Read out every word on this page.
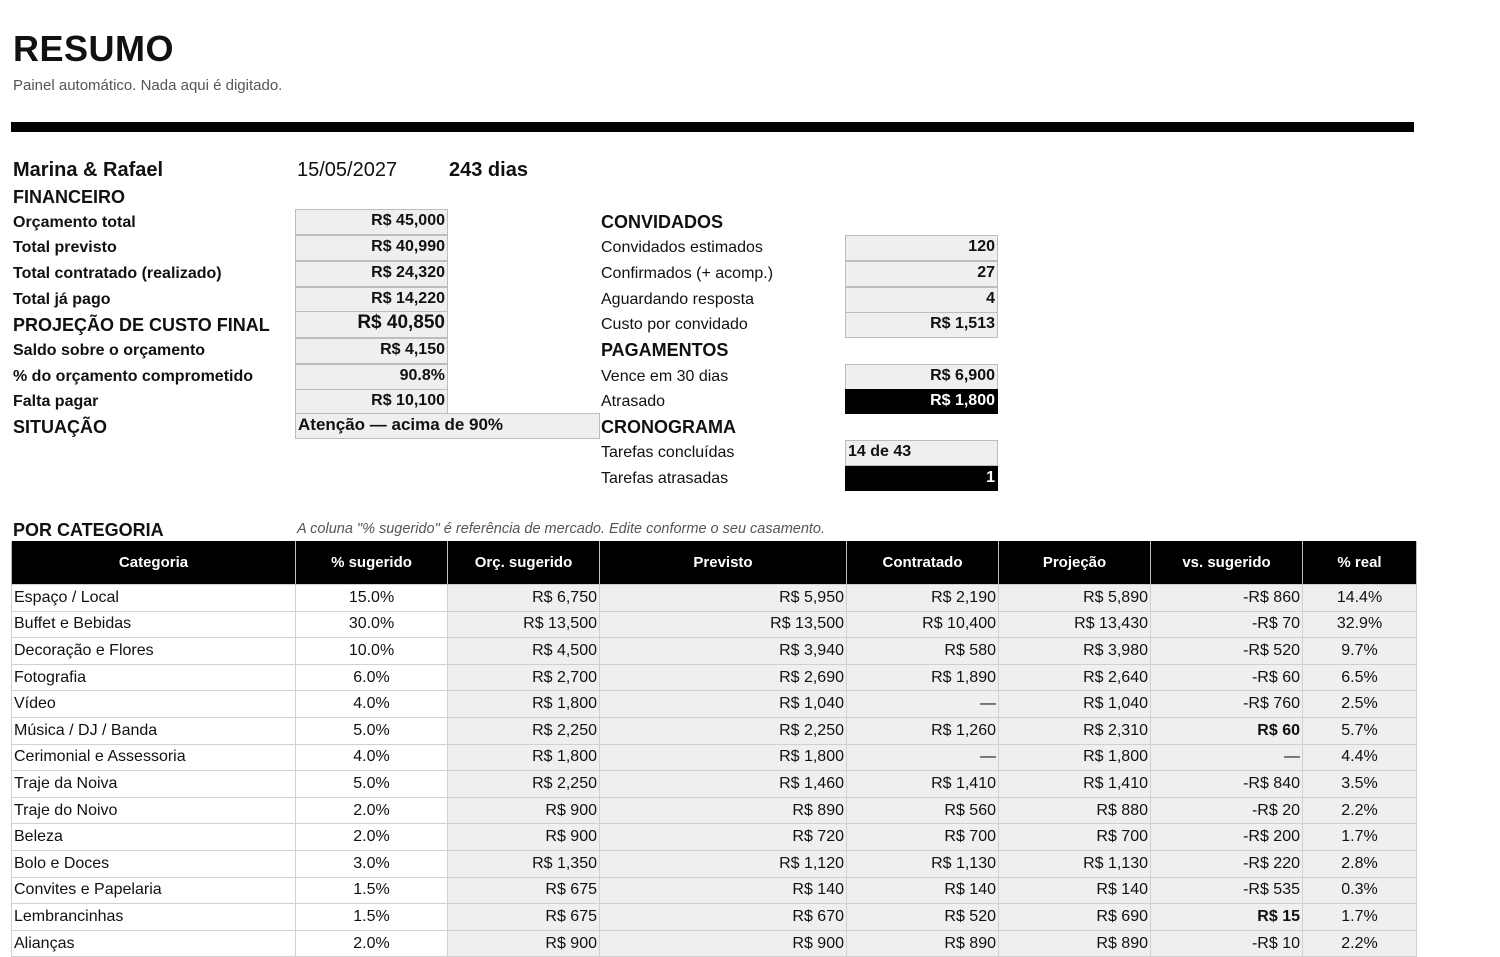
RESUMO
Painel automático. Nada aqui é digitado.
Marina & Rafael	15/05/2027	243 dias
FINANCEIRO
Orçamento total	R$ 45,000
Total previsto	R$ 40,990
Total contratado (realizado)	R$ 24,320
Total já pago	R$ 14,220
PROJEÇÃO DE CUSTO FINAL	R$ 40,850
Saldo sobre o orçamento	R$ 4,150
% do orçamento comprometido	90.8%
Falta pagar	R$ 10,100
SITUAÇÃO	Atenção — acima de 90%
CONVIDADOS
Convidados estimados	120
Confirmados (+ acomp.)	27
Aguardando resposta	4
Custo por convidado	R$ 1,513
PAGAMENTOS
Vence em 30 dias	R$ 6,900
Atrasado	R$ 1,800
CRONOGRAMA
Tarefas concluídas	14 de 43
Tarefas atrasadas	1
POR CATEGORIA	A coluna "% sugerido" é referência de mercado. Edite conforme o seu casamento.
Categoria	% sugerido	Orç. sugerido	Previsto	Contratado	Projeção	vs. sugerido	% real
Espaço / Local	15.0%	R$ 6,750	R$ 5,950	R$ 2,190	R$ 5,890	-R$ 860	14.4%
Buffet e Bebidas	30.0%	R$ 13,500	R$ 13,500	R$ 10,400	R$ 13,430	-R$ 70	32.9%
Decoração e Flores	10.0%	R$ 4,500	R$ 3,940	R$ 580	R$ 3,980	-R$ 520	9.7%
Fotografia	6.0%	R$ 2,700	R$ 2,690	R$ 1,890	R$ 2,640	-R$ 60	6.5%
Vídeo	4.0%	R$ 1,800	R$ 1,040	—	R$ 1,040	-R$ 760	2.5%
Música / DJ / Banda	5.0%	R$ 2,250	R$ 2,250	R$ 1,260	R$ 2,310	R$ 60	5.7%
Cerimonial e Assessoria	4.0%	R$ 1,800	R$ 1,800	—	R$ 1,800	—	4.4%
Traje da Noiva	5.0%	R$ 2,250	R$ 1,460	R$ 1,410	R$ 1,410	-R$ 840	3.5%
Traje do Noivo	2.0%	R$ 900	R$ 890	R$ 560	R$ 880	-R$ 20	2.2%
Beleza	2.0%	R$ 900	R$ 720	R$ 700	R$ 700	-R$ 200	1.7%
Bolo e Doces	3.0%	R$ 1,350	R$ 1,120	R$ 1,130	R$ 1,130	-R$ 220	2.8%
Convites e Papelaria	1.5%	R$ 675	R$ 140	R$ 140	R$ 140	-R$ 535	0.3%
Lembrancinhas	1.5%	R$ 675	R$ 670	R$ 520	R$ 690	R$ 15	1.7%
Alianças	2.0%	R$ 900	R$ 900	R$ 890	R$ 890	-R$ 10	2.2%
